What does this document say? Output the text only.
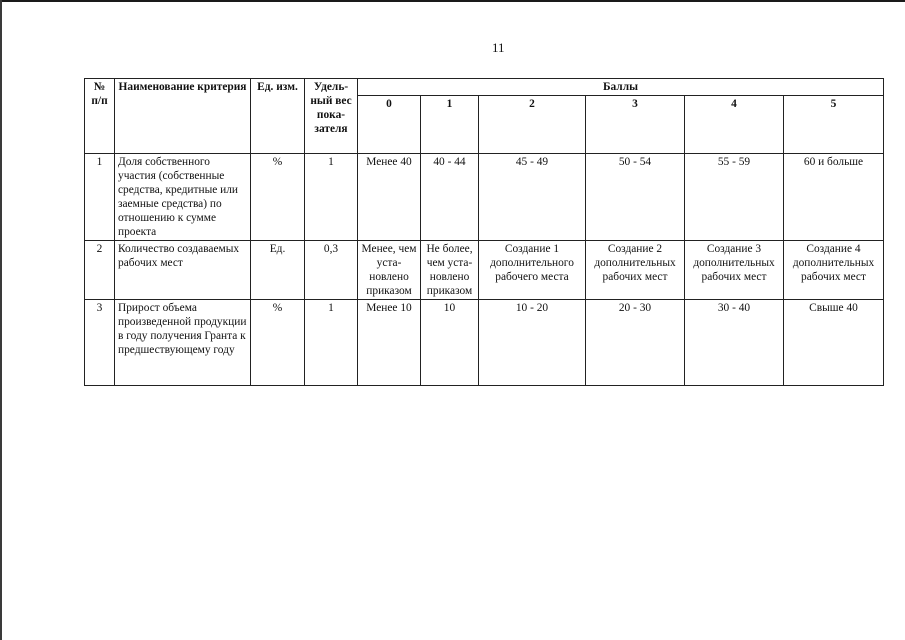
11
№ п/п	Наименование критерия	Ед. изм.	Удель-ный вес пока-зателя	Баллы					
				0	1	2	3	4	5
1	Доля собственного участия (собственные средства, кредитные или заемные средства) по отношению к сумме проекта	%	1	Менее 40	40 - 44	45 - 49	50 - 54	55 - 59	60 и больше
2	Количество создаваемых рабочих мест	Ед.	0,3	Менее, чем уста-новлено приказом	Не более, чем уста-новлено приказом	Создание 1 дополнительного рабочего места	Создание 2 дополнительных рабочих мест	Создание 3 дополнительных рабочих мест	Создание 4 дополнительных рабочих мест
3	Прирост объема произведенной продукции в году получения Гранта к предшествующему году	%	1	Менее 10	10	10 - 20	20 - 30	30 - 40	Свыше 40
